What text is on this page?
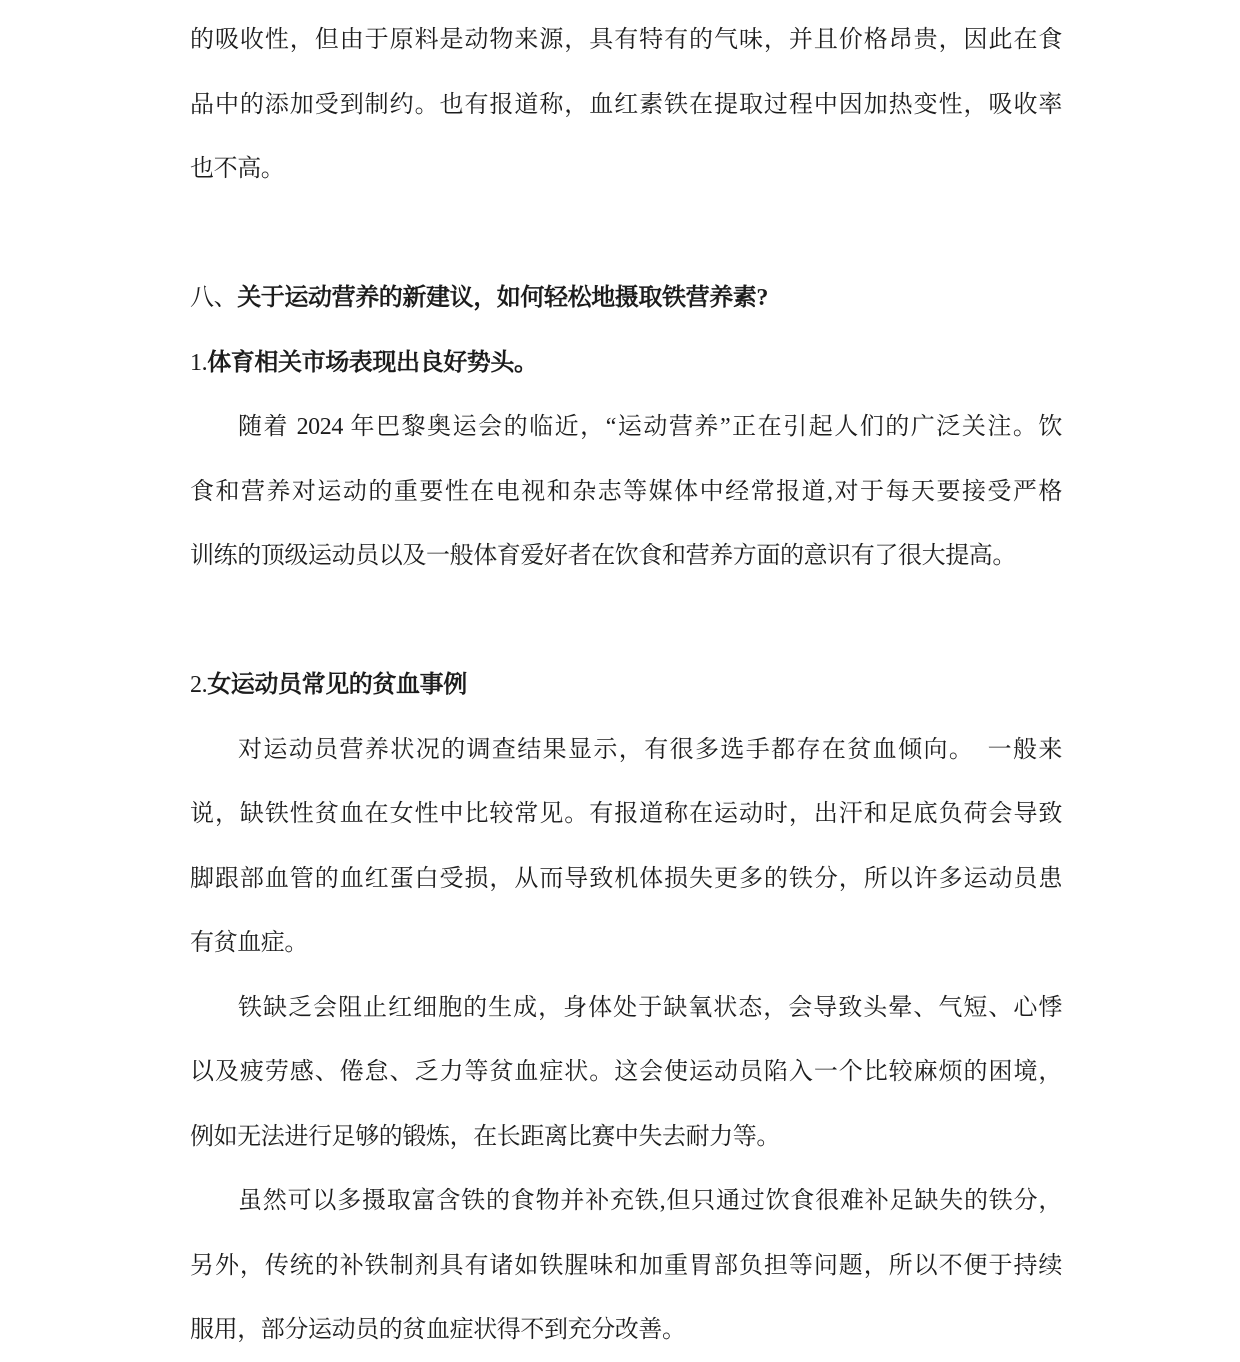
的吸收性，但由于原料是动物来源，具有特有的气味，并且价格昂贵，因此在食
品中的添加受到制约。也有报道称，血红素铁在提取过程中因加热变性，吸收率
也不高。
八、关于运动营养的新建议，如何轻松地摄取铁营养素?
1.体育相关市场表现出良好势头。
随着 2024 年巴黎奥运会的临近，“运动营养”正在引起人们的广泛关注。饮
食和营养对运动的重要性在电视和杂志等媒体中经常报道,对于每天要接受严格
训练的顶级运动员以及一般体育爱好者在饮食和营养方面的意识有了很大提高。
2.女运动员常见的贫血事例
对运动员营养状况的调查结果显示，有很多选手都存在贫血倾向。　一般来
说，缺铁性贫血在女性中比较常见。有报道称在运动时，出汗和足底负荷会导致
脚跟部血管的血红蛋白受损，从而导致机体损失更多的铁分，所以许多运动员患
有贫血症。
铁缺乏会阻止红细胞的生成，身体处于缺氧状态，会导致头晕、气短、心悸
以及疲劳感、倦怠、乏力等贫血症状。这会使运动员陷入一个比较麻烦的困境，
例如无法进行足够的锻炼，在长距离比赛中失去耐力等。
虽然可以多摄取富含铁的食物并补充铁,但只通过饮食很难补足缺失的铁分，
另外，传统的补铁制剂具有诸如铁腥味和加重胃部负担等问题，所以不便于持续
服用，部分运动员的贫血症状得不到充分改善。
